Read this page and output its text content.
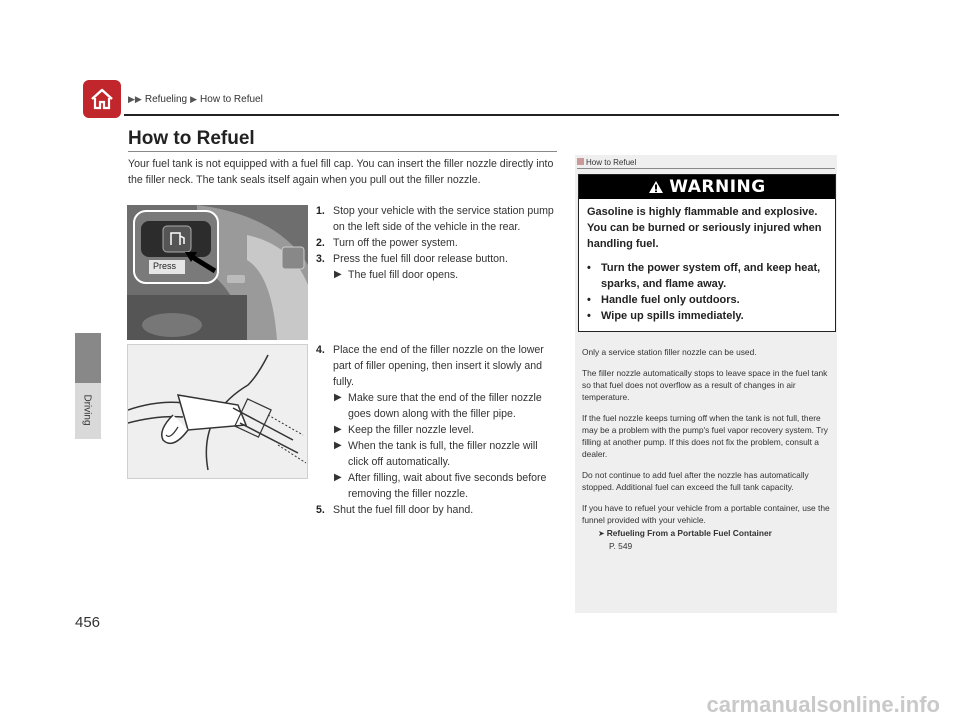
▶▶ Refueling ▶ How to Refuel
Driving
456
How to Refuel
Your fuel tank is not equipped with a fuel fill cap. You can insert the filler nozzle directly into the filler neck. The tank seals itself again when you pull out the filler nozzle.
Press
1. Stop your vehicle with the service station pump on the left side of the vehicle in the rear.
2. Turn off the power system.
3. Press the fuel fill door release button.
▶ The fuel fill door opens.
4. Place the end of the filler nozzle on the lower part of filler opening, then insert it slowly and fully.
▶ Make sure that the end of the filler nozzle goes down along with the filler pipe.
▶ Keep the filler nozzle level.
▶ When the tank is full, the filler nozzle will click off automatically.
▶ After filling, wait about five seconds before removing the filler nozzle.
5. Shut the fuel fill door by hand.
How to Refuel
WARNING
Gasoline is highly flammable and explosive. You can be burned or seriously injured when handling fuel.
• Turn the power system off, and keep heat, sparks, and flame away.
• Handle fuel only outdoors.
• Wipe up spills immediately.

Only a service station filler nozzle can be used.

The filler nozzle automatically stops to leave space in the fuel tank so that fuel does not overflow as a result of changes in air temperature.

If the fuel nozzle keeps turning off when the tank is not full, there may be a problem with the pump's fuel vapor recovery system. Try filling at another pump. If this does not fix the problem, consult a dealer.

Do not continue to add fuel after the nozzle has automatically stopped. Additional fuel can exceed the full tank capacity.

If you have to refuel your vehicle from a portable container, use the funnel provided with your vehicle.

➤ Refueling From a Portable Fuel Container
P. 549
carmanualsonline.info
